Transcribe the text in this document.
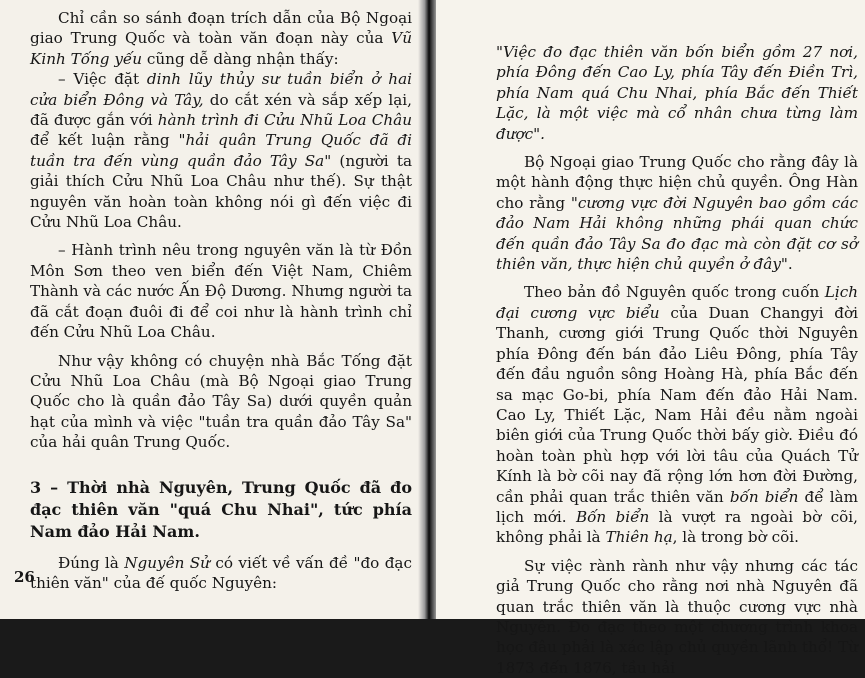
Chỉ cần so sánh đoạn trích dẫn của Bộ Ngoại giao Trung Quốc và toàn văn đoạn này của Vũ Kinh Tống yếu cũng dễ dàng nhận thấy:

– Việc đặt dinh lũy thủy sư tuần biển ở hai cửa biển Đông và Tây, do cắt xén và sắp xếp lại, đã được gắn với hành trình đi Cửu Nhũ Loa Châu để kết luận rằng "hải quân Trung Quốc đã đi tuần tra đến vùng quần đảo Tây Sa" (người ta giải thích Cửu Nhũ Loa Châu như thế). Sự thật nguyên văn hoàn toàn không nói gì đến việc đi Cửu Nhũ Loa Châu.

– Hành trình nêu trong nguyên văn là từ Đồn Môn Sơn theo ven biển đến Việt Nam, Chiêm Thành và các nước Ấn Độ Dương. Nhưng người ta đã cắt đoạn đuôi đi để coi như là hành trình chỉ đến Cửu Nhũ Loa Châu.

Như vậy không có chuyện nhà Bắc Tống đặt Cửu Nhũ Loa Châu (mà Bộ Ngoại giao Trung Quốc cho là quần đảo Tây Sa) dưới quyền quản hạt của mình và việc "tuần tra quần đảo Tây Sa" của hải quân Trung Quốc.

3 – Thời nhà Nguyên, Trung Quốc đã đo đạc thiên văn "quá Chu Nhai", tức phía Nam đảo Hải Nam.

Đúng là Nguyên Sử có viết về vấn đề "đo đạc thiên văn" của đế quốc Nguyên:

26

"Việc đo đạc thiên văn bốn biển gồm 27 nơi, phía Đông đến Cao Ly, phía Tây đến Điền Trì, phía Nam quá Chu Nhai, phía Bắc đến Thiết Lặc, là một việc mà cổ nhân chưa từng làm được".

Bộ Ngoại giao Trung Quốc cho rằng đây là một hành động thực hiện chủ quyền. Ông Hàn cho rằng "cương vực đời Nguyên bao gồm các đảo Nam Hải không những phái quan chức đến quần đảo Tây Sa đo đạc mà còn đặt cơ sở thiên văn, thực hiện chủ quyền ở đây".

Theo bản đồ Nguyên quốc trong cuốn Lịch đại cương vực biểu của Duan Changyi đời Thanh, cương giới Trung Quốc thời Nguyên phía Đông đến bán đảo Liêu Đông, phía Tây đến đầu nguồn sông Hoàng Hà, phía Bắc đến sa mạc Go-bi, phía Nam đến đảo Hải Nam. Cao Ly, Thiết Lặc, Nam Hải đều nằm ngoài biên giới của Trung Quốc thời bấy giờ. Điều đó hoàn toàn phù hợp với lời tâu của Quách Tử Kính là bờ cõi nay đã rộng lớn hơn đời Đường, cần phải quan trắc thiên văn bốn biển để làm lịch mới. Bốn biển là vượt ra ngoài bờ cõi, không phải là Thiên hạ, là trong bờ cõi.

Sự việc rành rành như vậy nhưng các tác giả Trung Quốc cho rằng nơi nhà Nguyên đã quan trắc thiên văn là thuộc cương vực nhà Nguyên. Đo đạc theo một chương trình khoa học đâu phải là xác lập chủ quyền lãnh thổ! Từ 1873 đến 1876, tầu hải
